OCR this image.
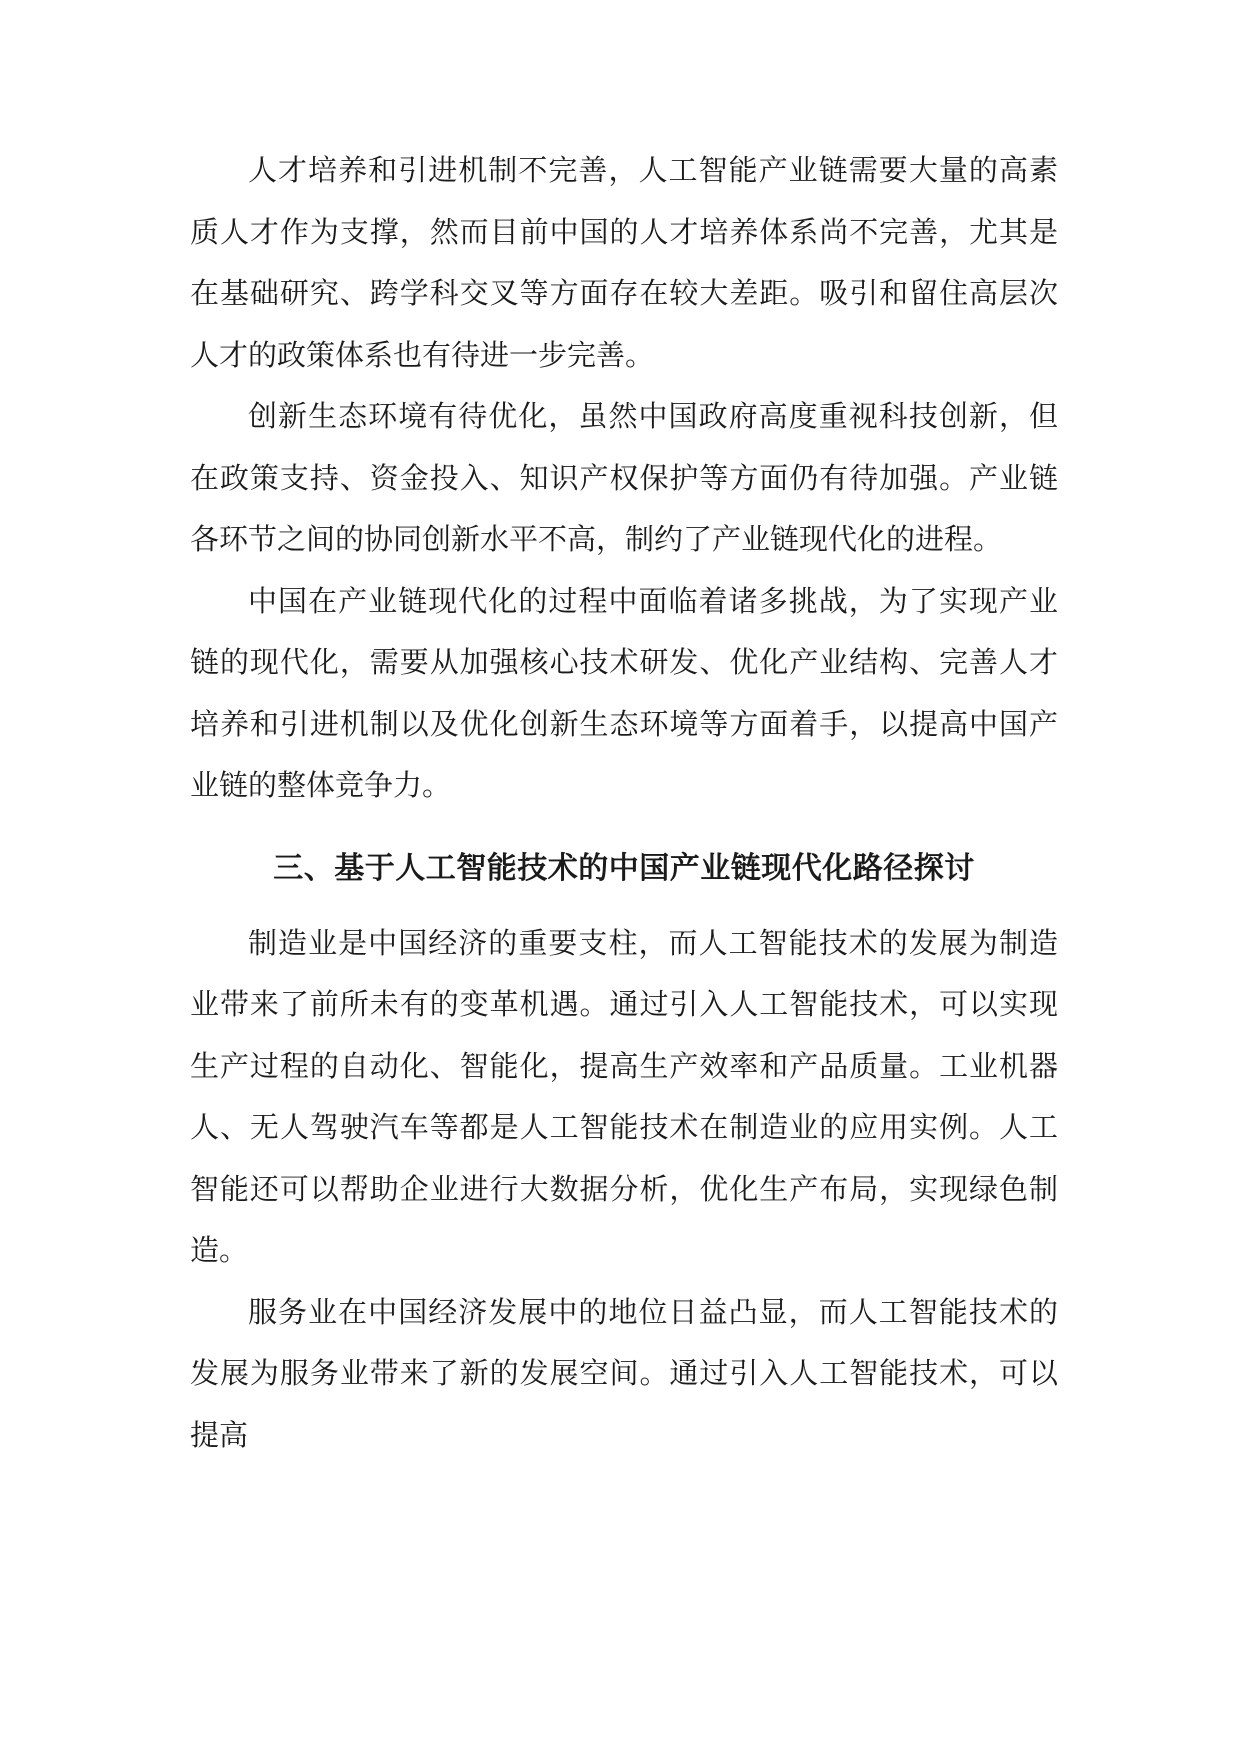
人才培养和引进机制不完善，人工智能产业链需要大量的高素质人才作为支撑，然而目前中国的人才培养体系尚不完善，尤其是在基础研究、跨学科交叉等方面存在较大差距。吸引和留住高层次人才的政策体系也有待进一步完善。

创新生态环境有待优化，虽然中国政府高度重视科技创新，但在政策支持、资金投入、知识产权保护等方面仍有待加强。产业链各环节之间的协同创新水平不高，制约了产业链现代化的进程。

中国在产业链现代化的过程中面临着诸多挑战，为了实现产业链的现代化，需要从加强核心技术研发、优化产业结构、完善人才培养和引进机制以及优化创新生态环境等方面着手，以提高中国产业链的整体竞争力。

三、基于人工智能技术的中国产业链现代化路径探讨

制造业是中国经济的重要支柱，而人工智能技术的发展为制造业带来了前所未有的变革机遇。通过引入人工智能技术，可以实现生产过程的自动化、智能化，提高生产效率和产品质量。工业机器人、无人驾驶汽车等都是人工智能技术在制造业的应用实例。人工智能还可以帮助企业进行大数据分析，优化生产布局，实现绿色制造。

服务业在中国经济发展中的地位日益凸显，而人工智能技术的发展为服务业带来了新的发展空间。通过引入人工智能技术，可以提高
